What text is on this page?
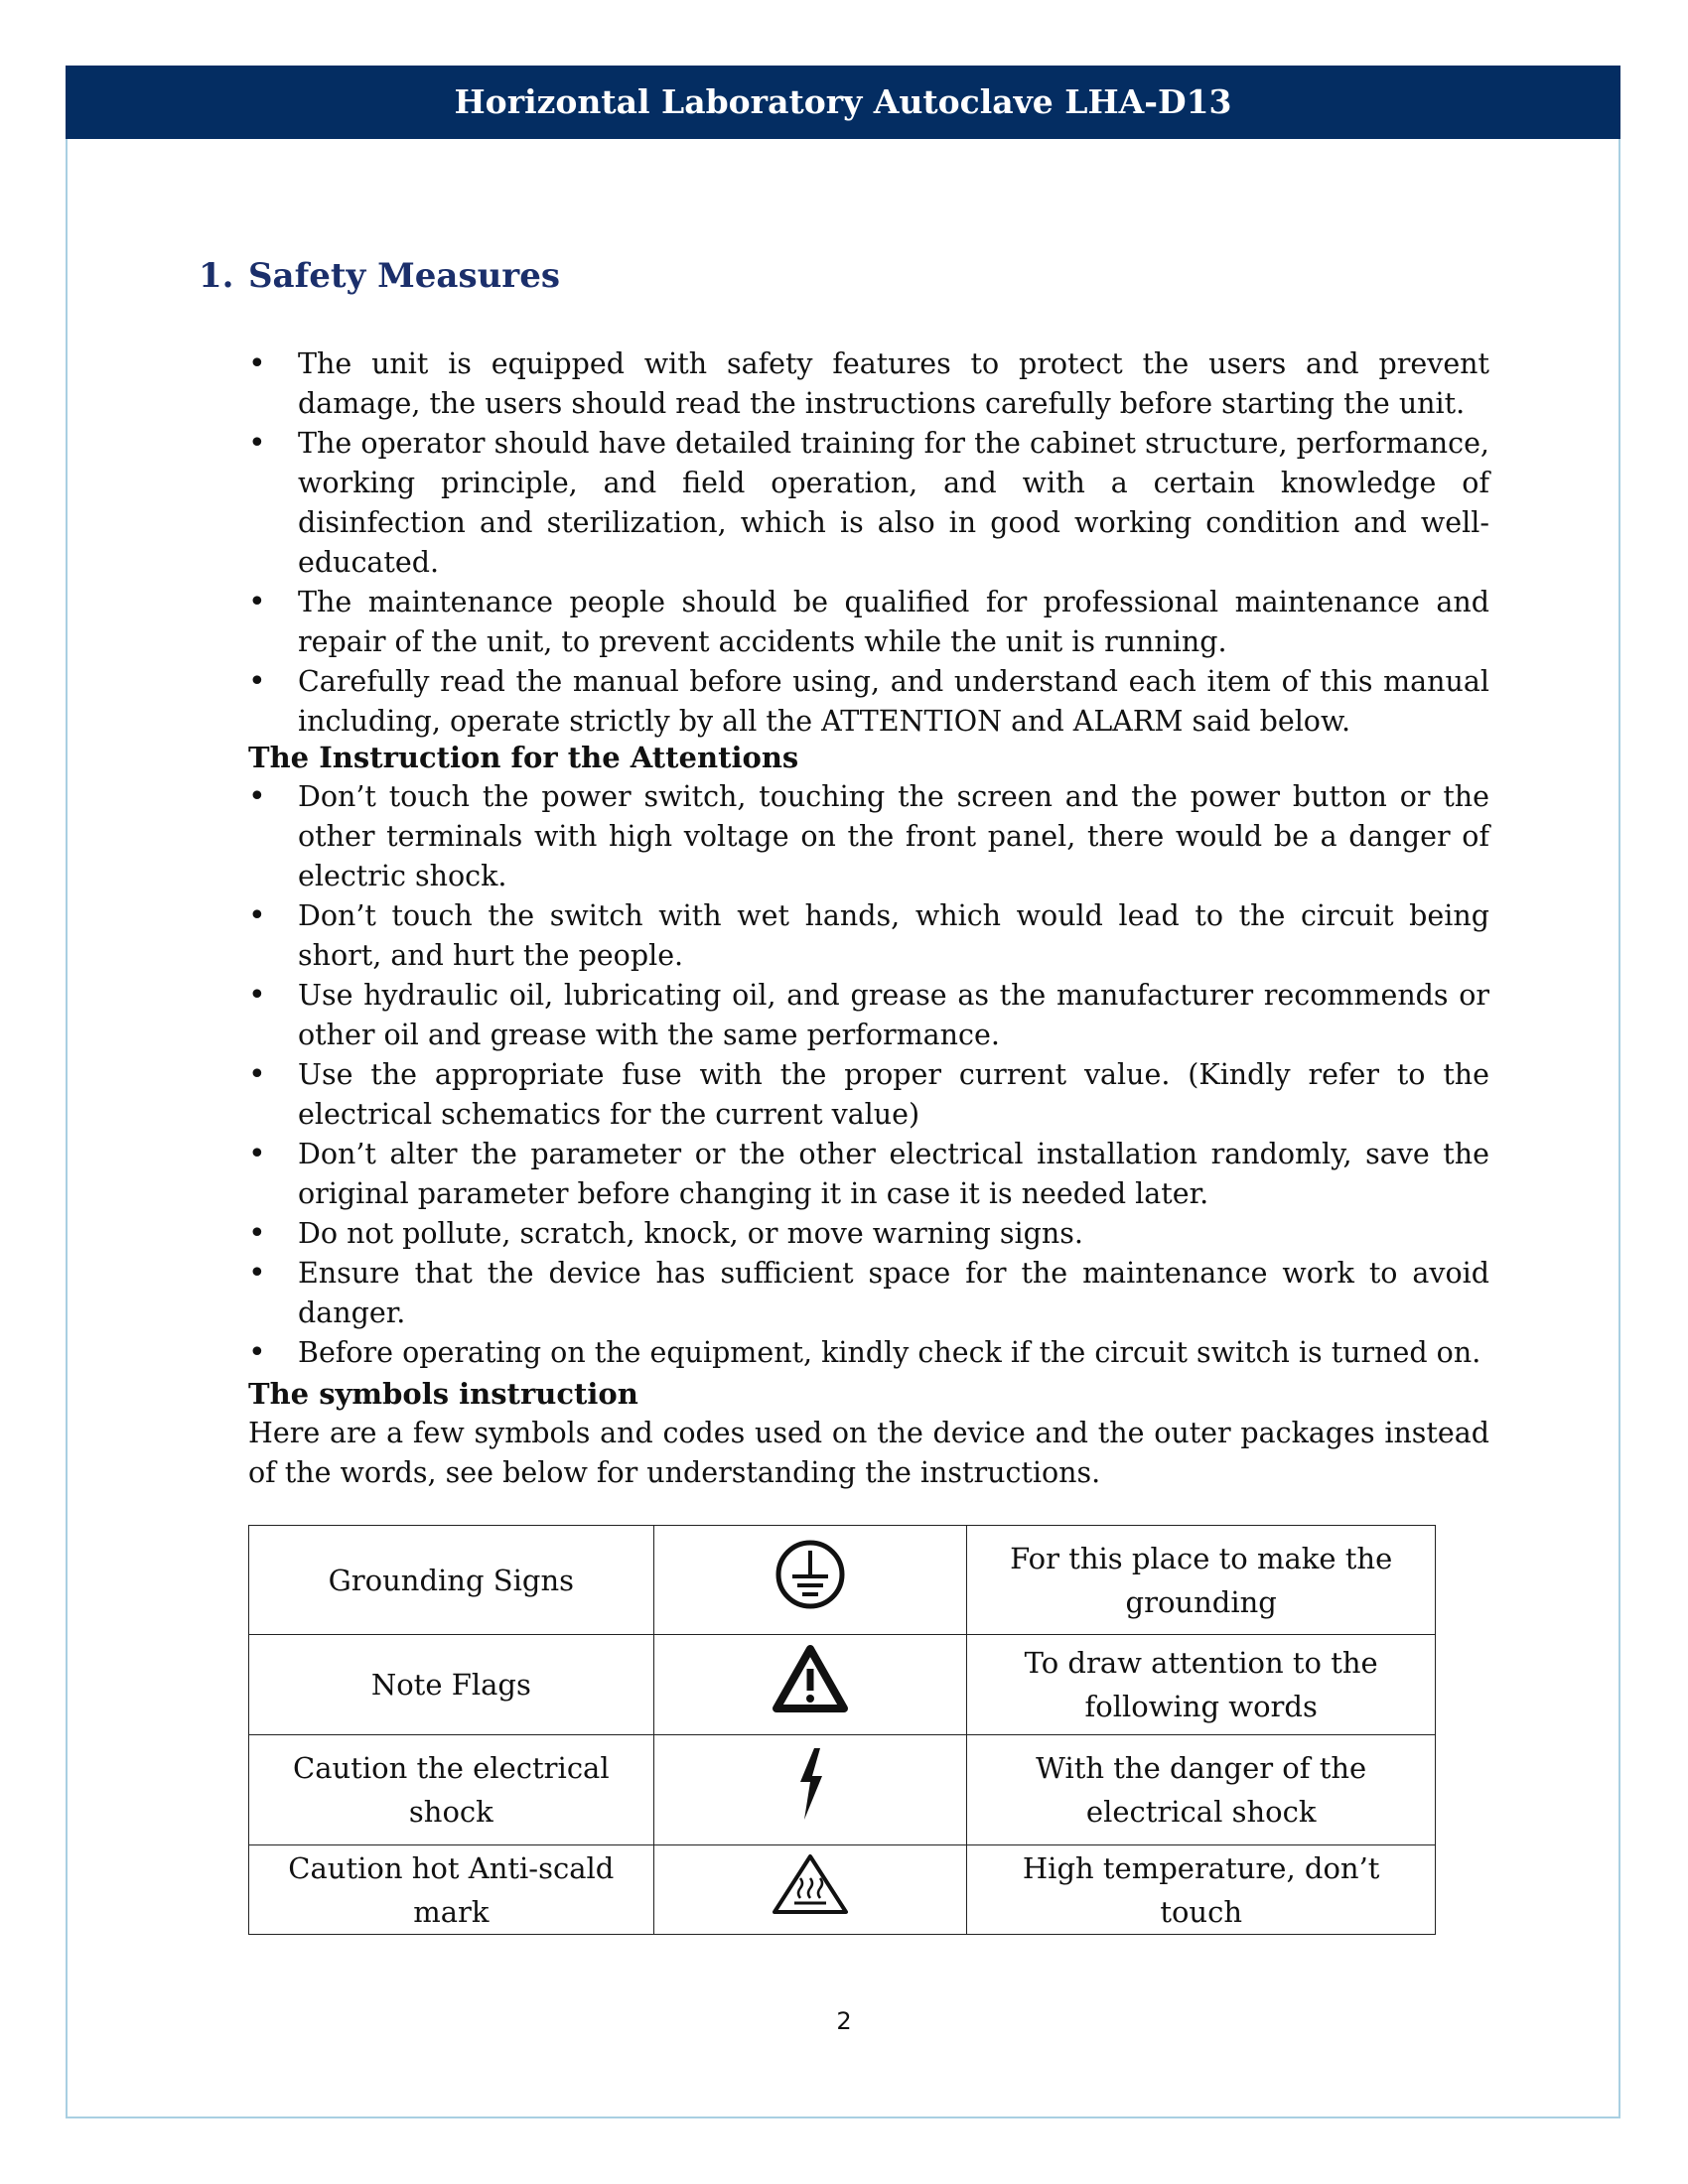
Horizontal Laboratory Autoclave LHA-D13
1. Safety Measures
• The unit is equipped with safety features to protect the users and prevent damage, the users should read the instructions carefully before starting the unit.
• The operator should have detailed training for the cabinet structure, performance, working principle, and field operation, and with a certain knowledge of disinfection and sterilization, which is also in good working condition and well-educated.
• The maintenance people should be qualified for professional maintenance and repair of the unit, to prevent accidents while the unit is running.
• Carefully read the manual before using, and understand each item of this manual including, operate strictly by all the ATTENTION and ALARM said below.
The Instruction for the Attentions
• Don’t touch the power switch, touching the screen and the power button or the other terminals with high voltage on the front panel, there would be a danger of electric shock.
• Don’t touch the switch with wet hands, which would lead to the circuit being short, and hurt the people.
• Use hydraulic oil, lubricating oil, and grease as the manufacturer recommends or other oil and grease with the same performance.
• Use the appropriate fuse with the proper current value. (Kindly refer to the electrical schematics for the current value)
• Don’t alter the parameter or the other electrical installation randomly, save the original parameter before changing it in case it is needed later.
• Do not pollute, scratch, knock, or move warning signs.
• Ensure that the device has sufficient space for the maintenance work to avoid danger.
• Before operating on the equipment, kindly check if the circuit switch is turned on.
The symbols instruction
Here are a few symbols and codes used on the device and the outer packages instead of the words, see below for understanding the instructions.
Grounding Signs		For this place to make the grounding
Note Flags		To draw attention to the following words
Caution the electrical shock		With the danger of the electrical shock
Caution hot Anti-scald mark		High temperature, don’t touch
2
